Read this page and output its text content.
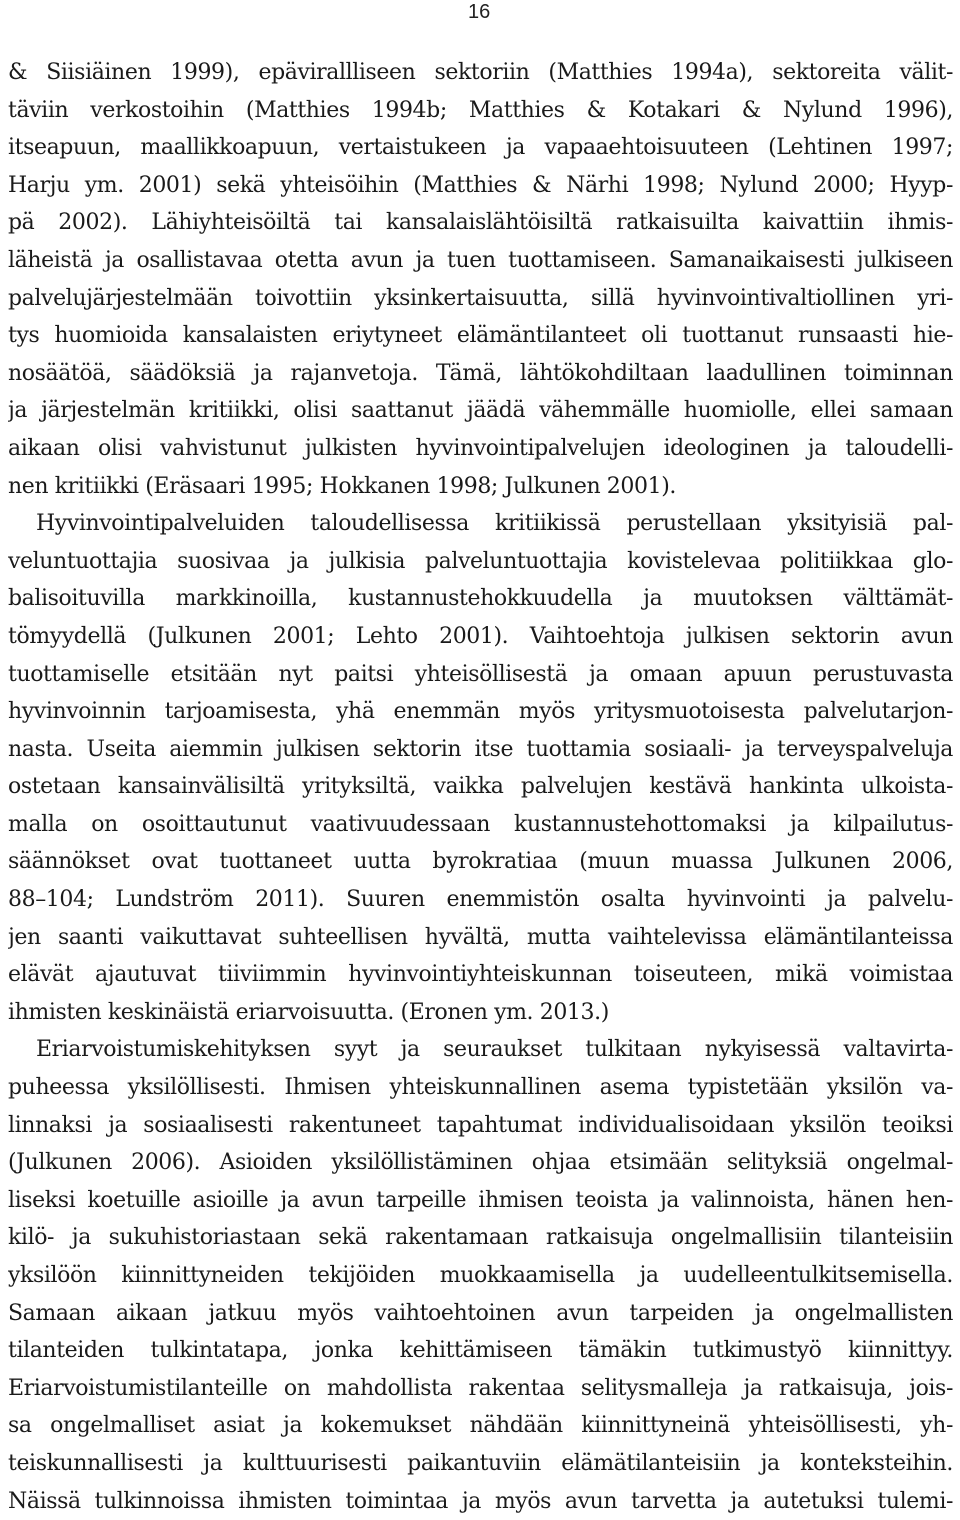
16
& Siisiäinen 1999), epävirallliseen sektoriin (Matthies 1994a), sektoreita välit-
täviin verkostoihin (Matthies 1994b; Matthies & Kotakari & Nylund 1996),
itseapuun, maallikkoapuun, vertaistukeen ja vapaaehtoisuuteen (Lehtinen 1997;
Harju ym. 2001) sekä yhteisöihin (Matthies & Närhi 1998; Nylund 2000; Hyyp-
pä 2002). Lähiyhteisöiltä tai kansalaislähtöisiltä ratkaisuilta kaivattiin ihmis-
läheistä ja osallistavaa otetta avun ja tuen tuottamiseen. Samanaikaisesti julkiseen
palvelujärjestelmään toivottiin yksinkertaisuutta, sillä hyvinvointivaltiollinen yri-
tys huomioida kansalaisten eriytyneet elämäntilanteet oli tuottanut runsaasti hie-
nosäätöä, säädöksiä ja rajanvetoja. Tämä, lähtökohdiltaan laadullinen toiminnan
ja järjestelmän kritiikki, olisi saattanut jäädä vähemmälle huomiolle, ellei samaan
aikaan olisi vahvistunut julkisten hyvinvointipalvelujen ideologinen ja taloudelli-
nen kritiikki (Eräsaari 1995; Hokkanen 1998; Julkunen 2001).
Hyvinvointipalveluiden taloudellisessa kritiikissä perustellaan yksityisiä pal-
veluntuottajia suosivaa ja julkisia palveluntuottajia kovistelevaa politiikkaa glo-
balisoituvilla markkinoilla, kustannustehokkuudella ja muutoksen välttämät-
tömyydellä (Julkunen 2001; Lehto 2001). Vaihtoehtoja julkisen sektorin avun
tuottamiselle etsitään nyt paitsi yhteisöllisestä ja omaan apuun perustuvasta
hyvinvoinnin tarjoamisesta, yhä enemmän myös yritysmuotoisesta palvelutarjon-
nasta. Useita aiemmin julkisen sektorin itse tuottamia sosiaali- ja terveyspalveluja
ostetaan kansainvälisiltä yrityksiltä, vaikka palvelujen kestävä hankinta ulkoista-
malla on osoittautunut vaativuudessaan kustannustehottomaksi ja kilpailutus-
säännökset ovat tuottaneet uutta byrokratiaa (muun muassa Julkunen 2006,
88–104; Lundström 2011). Suuren enemmistön osalta hyvinvointi ja palvelu-
jen saanti vaikuttavat suhteellisen hyvältä, mutta vaihtelevissa elämäntilanteissa
elävät ajautuvat tiiviimmin hyvinvointiyhteiskunnan toiseuteen, mikä voimistaa
ihmisten keskinäistä eriarvoisuutta. (Eronen ym. 2013.)
Eriarvoistumiskehityksen syyt ja seuraukset tulkitaan nykyisessä valtavirta-
puheessa yksilöllisesti. Ihmisen yhteiskunnallinen asema typistetään yksilön va-
linnaksi ja sosiaalisesti rakentuneet tapahtumat individualisoidaan yksilön teoiksi
(Julkunen 2006). Asioiden yksilöllistäminen ohjaa etsimään selityksiä ongelmal-
liseksi koetuille asioille ja avun tarpeille ihmisen teoista ja valinnoista, hänen hen-
kilö- ja sukuhistoriastaan sekä rakentamaan ratkaisuja ongelmallisiin tilanteisiin
yksilöön kiinnittyneiden tekijöiden muokkaamisella ja uudelleentulkitsemisella.
Samaan aikaan jatkuu myös vaihtoehtoinen avun tarpeiden ja ongelmallisten
tilanteiden tulkintatapa, jonka kehittämiseen tämäkin tutkimustyö kiinnittyy.
Eriarvoistumistilanteille on mahdollista rakentaa selitysmalleja ja ratkaisuja, jois-
sa ongelmalliset asiat ja kokemukset nähdään kiinnittyneinä yhteisöllisesti, yh-
teiskunnallisesti ja kulttuurisesti paikantuviin elämätilanteisiin ja konteksteihin.
Näissä tulkinnoissa ihmisten toimintaa ja myös avun tarvetta ja autetuksi tulemi-
